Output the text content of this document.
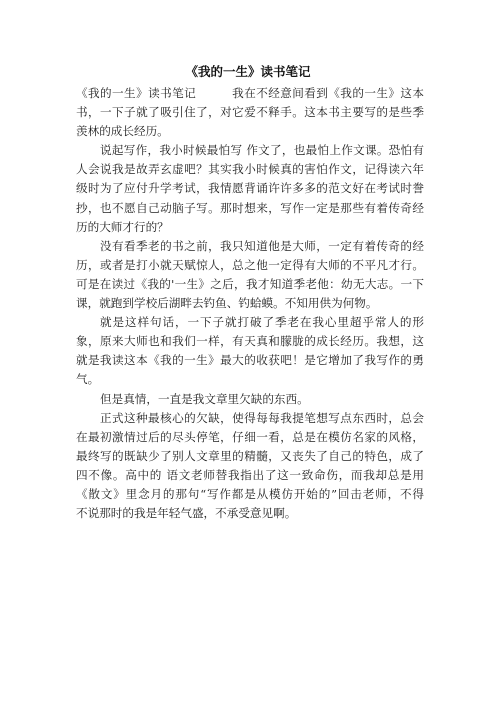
《我的一生》读书笔记
《我的一生》读书笔记　　　我在不经意间看到《我的一生》这本
书，一下子就了吸引住了，对它爱不释手。这本书主要写的是些季
羡林的成长经历。
说起写作，我小时候最怕写 作文了，也最怕上作文课。恐怕有
人会说我是故弄玄虚吧？其实我小时候真的害怕作文，记得读六年
级时为了应付升学考试，我情愿背诵许许多多的范文好在考试时誊
抄，也不愿自己动脑子写。那时想来，写作一定是那些有着传奇经
历的大师才行的？
没有看季老的书之前，我只知道他是大师，一定有着传奇的经
历，或者是打小就天赋惊人，总之他一定得有大师的不平凡才行。
可是在读过《我的'一生》之后，我才知道季老他：幼无大志。一下
课，就跑到学校后湖畔去钓鱼、钓蛤蟆。不知用供为何物。
就是这样句话，一下子就打破了季老在我心里超乎常人的形
象，原来大师也和我们一样，有天真和朦胧的成长经历。我想，这
就是我读这本《我的一生》最大的收获吧！是它增加了我写作的勇
气。
但是真情，一直是我文章里欠缺的东西。
正式这种最核心的欠缺，使得每每我提笔想写点东西时，总会
在最初激情过后的尽头停笔，仔细一看，总是在模仿名家的风格，
最终写的既缺少了别人文章里的精髓，又丧失了自己的特色，成了
四不像。高中的 语文老师替我指出了这一致命伤，而我却总是用
《散文》里念月的那句“写作都是从模仿开始的”回击老师，不得
不说那时的我是年轻气盛，不承受意见啊。
